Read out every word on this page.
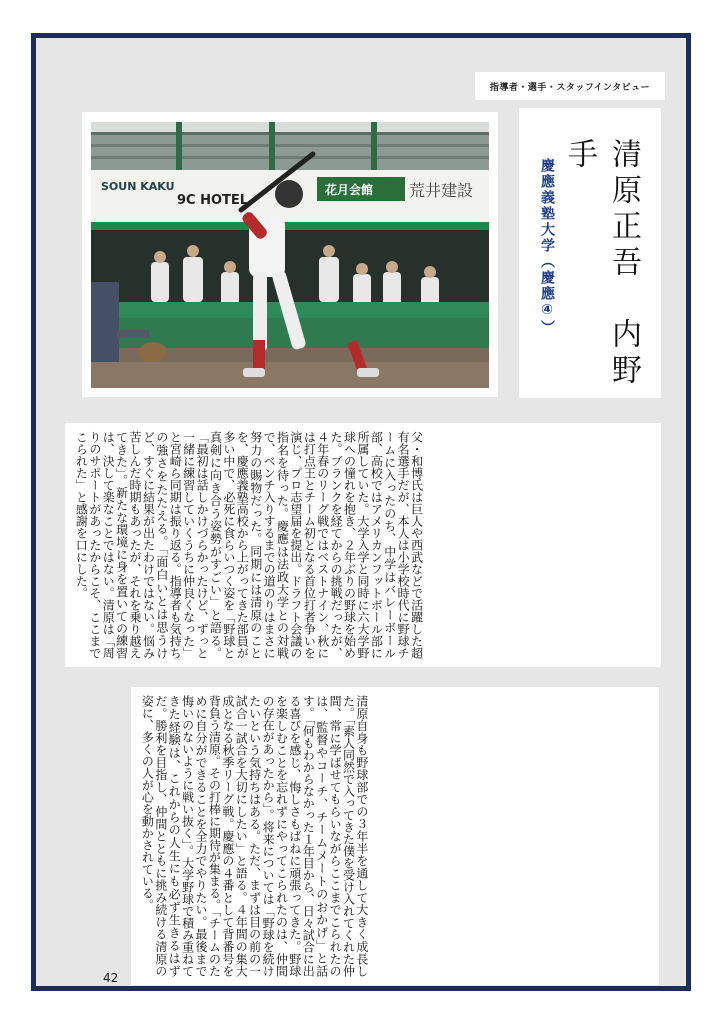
指導者・選手・スタッフインタビュー
SOUN KAKU
9C HOTEL
花月会館 荒井建設	清原正吾　内野手
慶應義塾大学（慶應④）
父・和博氏は巨人や西武などで活躍した超有名選手だが、本人は小学校時代に野球チームに入ったのち、中学はバレーボール部、高校ではアメリカンフットボール部に所属していた。大学入学と同時に六大学野球への憧れを抱き、２年ぶりの野球を始めた。ブランクを経てからの挑戦だったが、４年春のリーグ戦ではベストナイン、秋には打点王とチーム初となる首位打者争いを演じ、プロ志望届を提出。ドラフト会議の指名を待った。慶應は法政大学との対戦で、ベンチ入りするまでの道のりはまさに努力の賜物だった。同期には清原のことを、慶應義塾高校から上がってきた部員が多い中で、必死に食らいつく姿を「野球と真剣に向き合う姿勢がすごい」と語る。「最初は話しかけづらかったけど、ずっと一緒に練習していくうちに仲良くなった」と宮崎ら同期は振り返る。指導者も気持ちの強さをたたえる。「面白いとは思うけど、すぐに結果が出たわけではない。悩み苦しんだ時期もあったが、それを乗り越えてきた」。新たな環境に身を置いての練習は、決して楽なことではない。清原は「周りのサポートがあったからこそ、ここまでこられた」と感謝を口にした。
清原自身も野球部での３年半を通して大きく成長した。「素人同然で入ってきた僕を受け入れてくれた仲間、常に学ばせてもらいながらここまでこられたのは、監督やコーチ、チームメートのおかげ」と話す。「何もわからなかった１年目から、日々試合に出る喜びを感じ、悔しさもばねに頑張ってきた。野球を楽しむことを忘れずにやってこられたのは、仲間の存在があったから」。将来については「野球を続けたいという気持ちはある。ただ、まずは目の前の一試合一試合を大切にしたい」と語る。４年間の集大成となる秋季リーグ戦。慶應の４番として背番号を背負う清原。その打棒に期待が集まる。「チームのために自分ができることを全力でやりたい。最後まで悔いのないように戦い抜く」。大学野球で積み重ねてきた経験は、これからの人生にも必ず生きるはずだ。勝利を目指し、仲間とともに挑み続ける清原の姿に、多くの人が心を動かされている。
42
